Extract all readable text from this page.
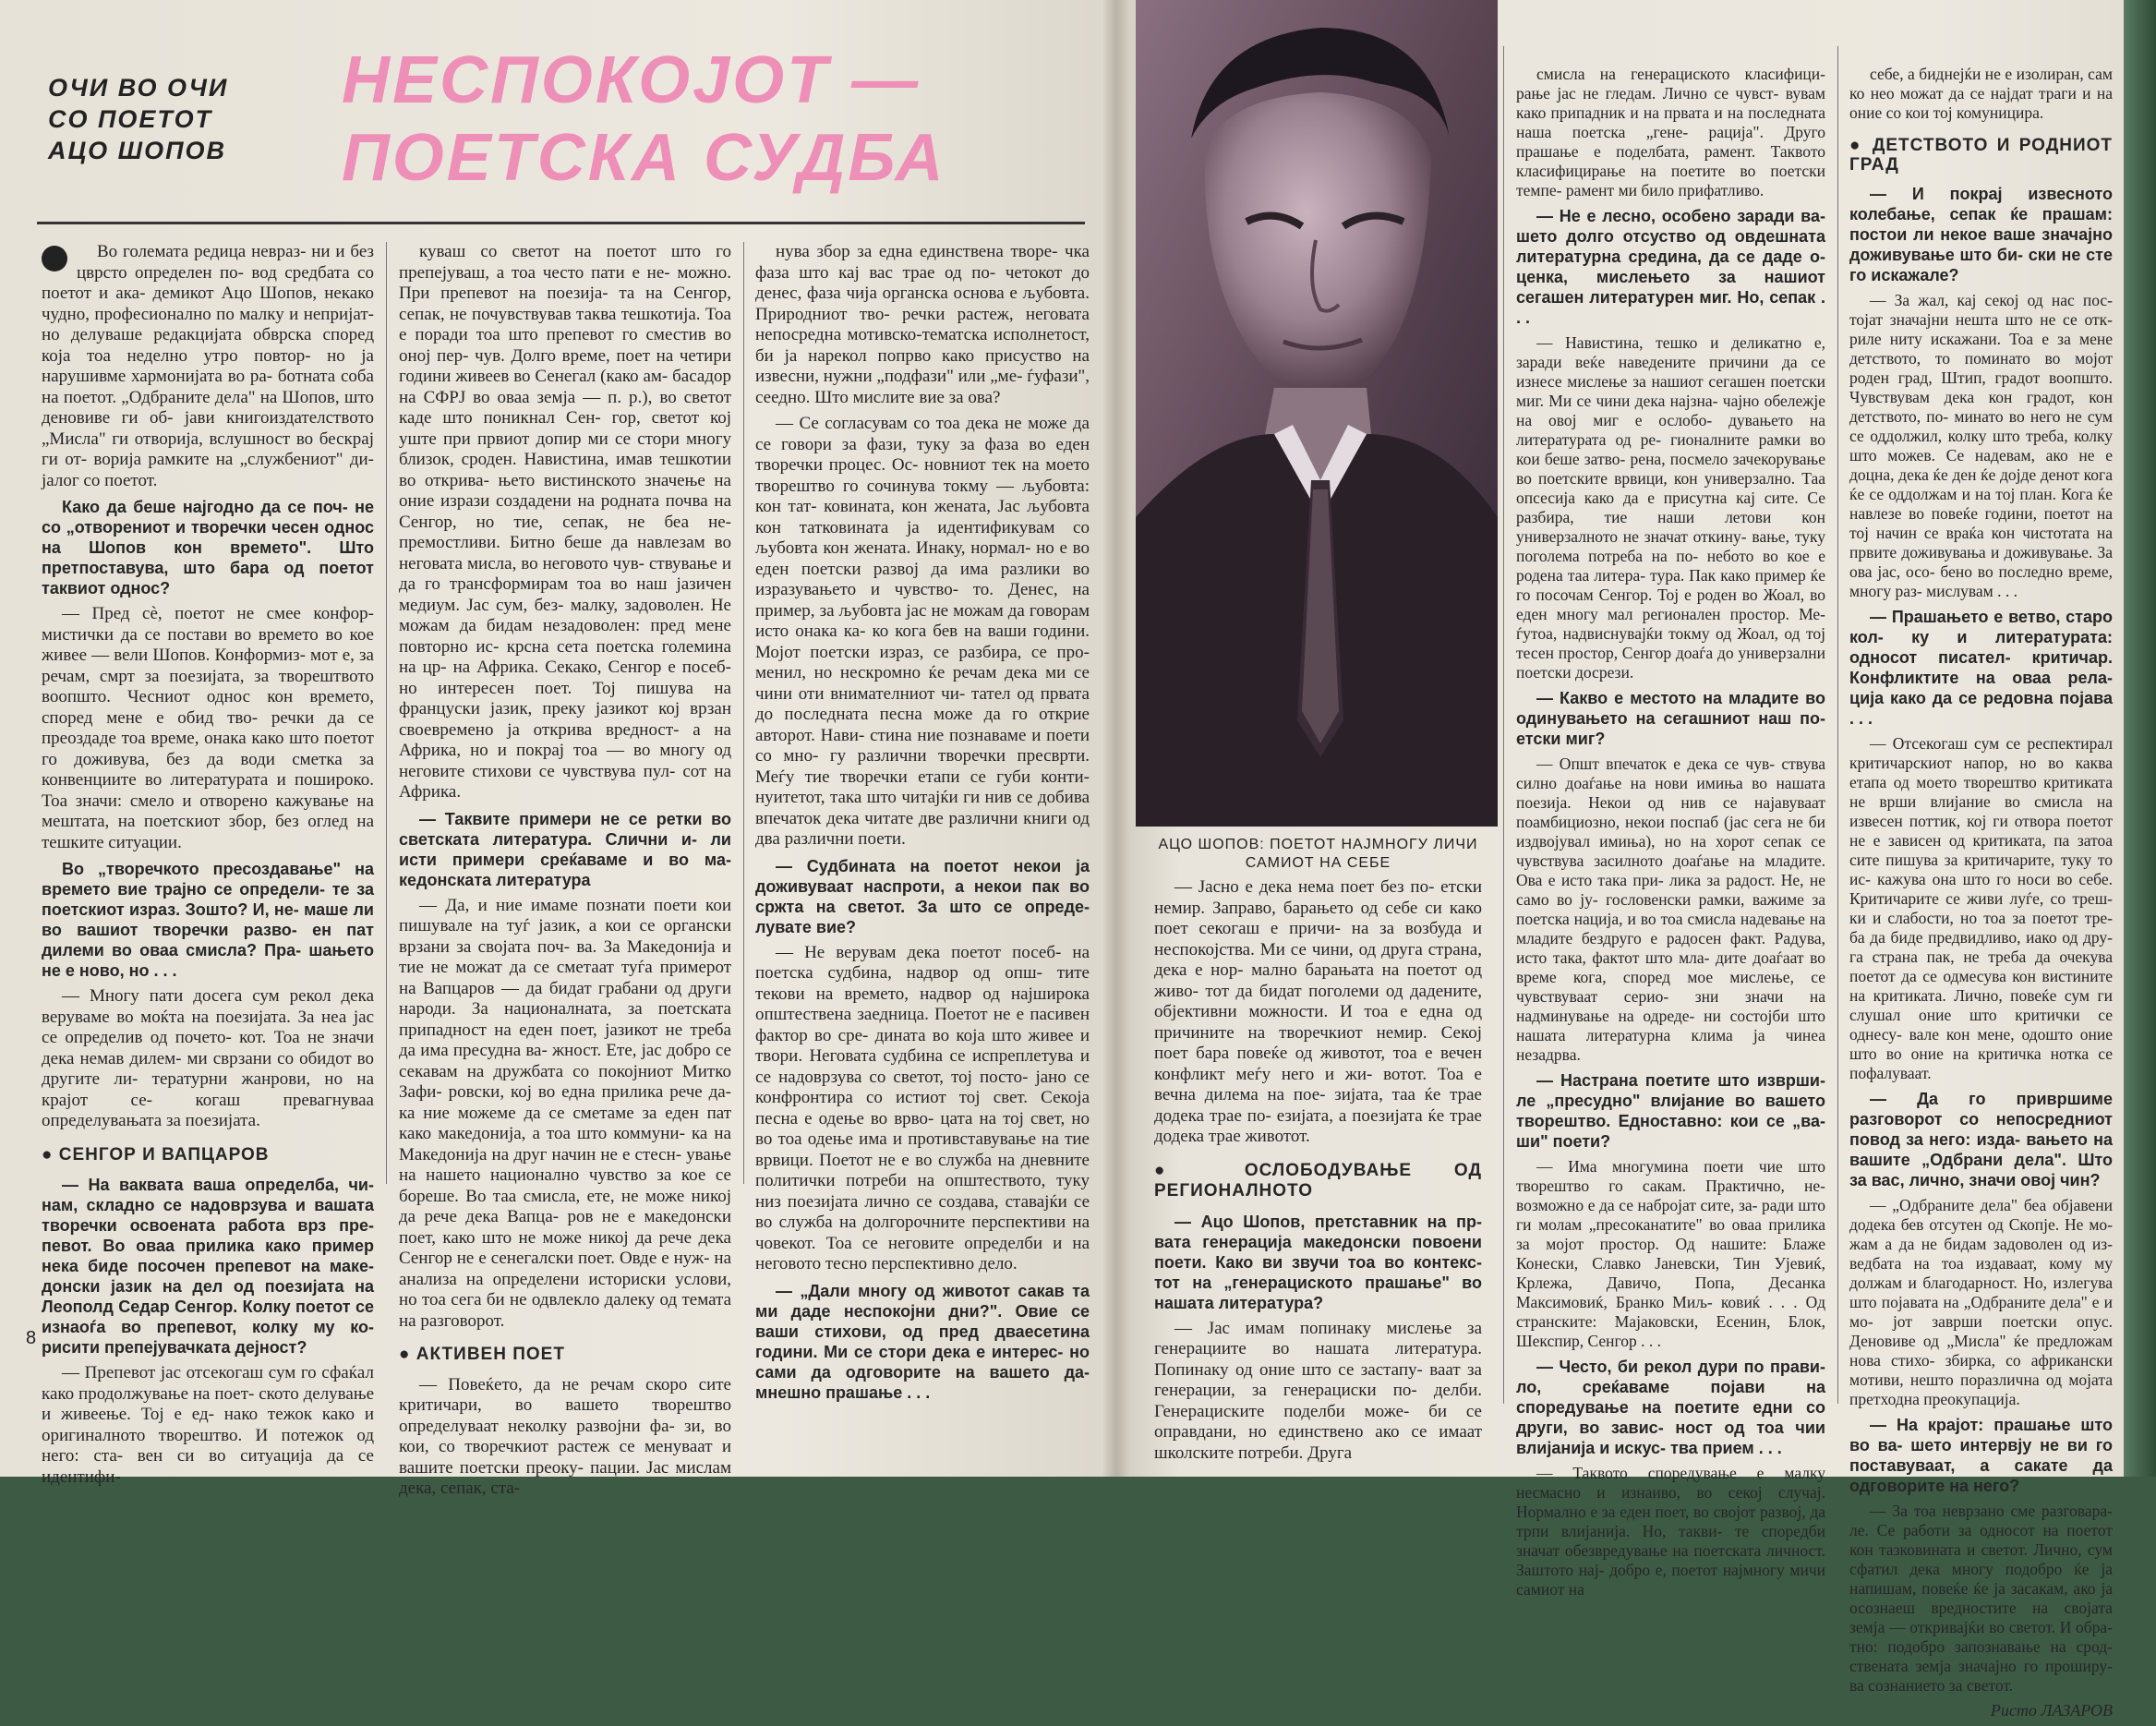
ОЧИ ВО ОЧИ
СО ПОЕТОТ
АЦО ШОПОВ
НЕСПОКОЈОТ —
ПОЕТСКА СУДБА

Во големата редица невраз- ни и без цврсто определен по- вод средбата со поетот и ака- демикот Ацо Шопов, некако чудно, професионално по малку и непријат- но делуваше редакцијата обврска според која тоа неделно утро повтор- но ја нарушивме хармонијата во ра- ботната соба на поетот. „Одбраните дела" на Шопов, што деновиве ги об- јави книгоиздателството „Мисла" ги отворија, вслушност во бескрај ги от- ворија рамките на „службениот" ди- јалог со поетот.

Како да беше најгодно да се поч- не со „отворениот и творечки чесен однос на Шопов кон времето". Што претпоставува, што бара од поетот таквиот однос?

— Пред сè, поетот не смее конфор- мистички да се постави во времето во кое живее — вели Шопов. Конформиз- мот е, за речам, смрт за поезијата, за творештвото воопшто. Чесниот однос кон времето, според мене е обид тво- речки да се преоздаде тоа време, онака како што поетот го доживува, без да води сметка за конвенциите во литературата и пошироко. Тоа значи: смело и отворено кажување на мештата, на поетскиот збор, без оглед на тешките ситуации.

Во „творечкото пресоздавање" на времето вие трајно се определи- те за поетскиот израз. Зошто? И, не- маше ли во вашиот творечки разво- ен пат дилеми во оваа смисла? Пра- шањето не е ново, но . . .

— Многу пати досега сум рекол дека веруваме во моќта на поезијата. За неа јас се определив од почето- кот. Тоа не значи дека немав дилем- ми сврзани со обидот во другите ли- тературни жанрови, но на крајот се- когаш превагнуваа определувањата за поезијата.

● СЕНГОР И ВАПЦАРОВ

— На ваквата ваша определба, чи- нам, складно се надоврзува и вашата творечки освоената работа врз пре- певот. Во оваа прилика како пример нека биде посочен препевот на маке- донски јазик на дел од поезијата на Леополд Седар Сенгор. Колку поетот се изнаоѓа во препевот, колку му ко- рисити препејувачката дејност?

— Препевот јас отсекогаш сум го сфаќал како продолжување на поет- ското делување и живеење. Тој е ед- нако тежок како и оригиналното творештво. И потежок од него: ста- вен си во ситуација да се идентифи-

куваш со светот на поетот што го препејуваш, а тоа често пати е не- можно. При препевот на поезија- та на Сенгор, сепак, не почувствував таква тешкотија. Тоа е поради тоа што препевот го сместив во оној пер- чув. Долго време, поет на четири години живеев во Сенегал (како ам- басадор на СФРЈ во оваа земја — п. р.), во светот каде што поникнал Сен- гор, светот кој уште при првиот допир ми се стори многу близок, сроден. Навистина, имав тешкотии во открива- њето вистинското значење на оние изрази создадени на родната почва на Сенгор, но тие, сепак, не беа не- премостливи. Битно беше да навлезам во неговата мисла, во неговото чув- ствување и да го трансформирам тоа во наш јазичен медиум. Јас сум, без- малку, задоволен. Не можам да бидам незадоволен: пред мене повторно ис- крсна сета поетска големина на цр- на Африка. Секако, Сенгор е посеб- но интересен поет. Тој пишува на француски јазик, преку јазикот кој врзан своевремено ја открива вредност- а на Африка, но и покрај тоа — во многу од неговите стихови се чувствува пул- сот на Африка.

— Таквите примери не се ретки во светската литература. Слични и- ли исти примери среќаваме и во ма- кедонската литература

— Да, и ние имаме познати поети кои пишувале на туѓ јазик, а кои се органски врзани за својата поч- ва. За Македонија и тие не можат да се сметаат туѓа примерот на Вапцаров — да бидат грабани од други народи. За националната, за поетската припадност на еден поет, јазикот не треба да има пресудна ва- жност. Ете, јас добро се секавам на дружбата со покојниот Митко Зафи- ровски, кој во една прилика рече да- ка ние можеме да се сметаме за еден пат како македонија, а тоа што коммуни- ка на Македонија на друг начин не е стесн- ување на нашето национално чувство за кое се бореше. Во таа смисла, ете, не може никој да рече дека Вапца- ров не е македонски поет, како што не може никој да рече дека Сенгор не е сенегалски поет. Овде е нуж- на анализа на определени историски услови, но тоа сега би не одвлекло далеку од темата на разговорот.

● АКТИВЕН ПОЕТ

— Повеќето, да не речам скоро сите критичари, во вашето творештво определуваат неколку развојни фа- зи, во кои, со творечкиот растеж се менуваат и вашите поетски преоку- пации. Јас мислам дека, сепак, ста-

нува збор за една единствена творе- чка фаза што кај вас трае од по- четокот до денес, фаза чија органска основа е љубовта. Природниот тво- речки растеж, неговата непосредна мотивско-тематска исполнетост, би ја нарекол попрво како присуство на извесни, нужни „подфази" или „ме- ѓуфази", сеедно. Што мислите вие за ова?

— Се согласувам со тоа дека не може да се говори за фази, туку за фаза во еден творечки процес. Ос- новниот тек на моето творештво го сочинува токму — љубовта: кон тат- ковината, кон жената, Јас љубовта кон татковината ја идентификувам со љубовта кон жената. Инаку, нормал- но е во еден поетски развој да има разлики во изразувањето и чувство- то. Денес, на пример, за љубовта јас не можам да говорам исто онака ка- ко кога бев на ваши години. Мојот поетски израз, се разбира, се про- менил, но нескромно ќе речам дека ми се чини оти внимателниот чи- тател од првата до последната песна може да го открие авторот. Нави- стина ние познаваме и поети со мно- гу различни творечки пресврти. Меѓу тие творечки етапи се губи конти- нуитетот, така што читајќи ги нив се добива впечаток дека читате две различни книги од два различни поети.

— Судбината на поетот некои ја доживуваат наспроти, а некои пак во сржта на светот. За што се опреде- лувате вие?

— Не верувам дека поетот посеб- на поетска судбина, надвор од опш- тите текови на времето, надвор од најширока општествена заедница. Поетот не е пасивен фактор во сре- дината во која што живее и твори. Неговата судбина се испреплетува и се надоврзува со светот, тој посто- јано се конфронтира со истиот тој свет. Секоја песна е одење во врво- цата на тој свет, но во тоа одење има и противставување на тие врвици. Поетот не е во служба на дневните политички потреби на општеството, туку низ поезијата лично се создава, ставајќи се во служба на долгорочните перспективи на човекот. Тоа се неговите определби и на неговото тесно перспективно дело.

— „Дали многу од животот сакав та ми даде неспокојни дни?". Овие се ваши стихови, од пред дваесетина години. Ми се стори дека е интерес- но сами да одговорите на вашето да- мнешно прашање . . .

АЦО ШОПОВ: ПОЕТОТ НАЈМНОГУ ЛИЧИ САМИОТ НА СЕБЕ

— Јасно е дека нема поет без по- етски немир. Заправо, барањето од себе си како поет секогаш е причи- на за возбуда и неспокојства. Ми се чини, од друга страна, дека е нор- мално барањата на поетот од живо- тот да бидат поголеми од дадените, објективни можности. И тоа е една од причините на творечкиот немир. Секој поет бара повеќе од животот, тоа е вечен конфликт меѓу него и жи- вотот. Тоа е вечна дилема на пое- зијата, таа ќе трае додека трае по- езијата, а поезијата ќе трае додека трае животот.

● ОСЛОБОДУВАЊЕ ОД РЕГИОНАЛНОТО

— Ацо Шопов, претставник на пр- вата генерација македонски повоени поети. Како ви звучи тоа во контекс- тот на „генерациското прашање" во нашата литература?

— Јас имам попинаку мислење за генерациите во нашата литература. Попинаку од оние што се застапу- ваат за генерации, за генерациски по- делби. Генерациските поделби може- би се оправдани, но единствено ако се имаат школските потреби. Друга

смисла на генерациското класифици- рање јас не гледам. Лично се чувст- вувам како припадник и на првата и на последната наша поетска „гене- рација". Друго прашање е поделбата, рамент. Таквото класифицирање на поетите во поетски темпе- рамент ми било прифатливо.

— Не е лесно, особено заради ва- шето долго отсуство од овдешната литературна средина, да се даде о- ценка, мислењето за нашиот сегашен литературен миг. Но, сепак . . .

— Навистина, тешко и деликатно е, заради веќе наведените причини да се изнесе мислење за нашиот сегашен поетски миг. Ми се чини дека најзна- чајно обележје на овој миг е ослобо- дувањето на литературата од ре- гионалните рамки во кои беше затво- рена, посмело зачекорување во поетските врвици, кон универзално. Таа опсесија како да е присутна кај сите. Се разбира, тие наши летови кон универзалното не значат откину- вање, туку поголема потреба на по- небото во кое е родена таа литера- тура. Пак како пример ќе го посочам Сенгор. Тој е роден во Жоал, во еден многу мал регионален простор. Ме- ѓутоа, надвиснувајќи токму од Жоал, од тој тесен простор, Сенгор доаѓа до универзални поетски досрези.

— Какво е местото на младите во одинувањето на сегашниот наш по- етски миг?

— Општ впечаток е дека се чув- ствува силно доаѓање на нови имиња во нашата поезија. Некои од нив се најавуваат поамбициозно, некои поспаб (јас сега не би издвојувал имиња), но на хорот сепак се чувствува засилното доаѓање на младите. Ова е исто така при- лика за радост. Не, не само во ју- гословенски рамки, важиме за поетска нација, и во тоа смисла надевање на младите бездруго е радосен факт. Радува, исто така, фактот што мла- дите доаѓаат во време кога, според мое мислење, се чувствуваат серио- зни значи на надминување на одреде- ни состојби што нашата литературна клима ја чинеа незадрва.

— Настрана поетите што изврши- ле „пресудно" влијание во вашето творештво. Едноставно: кои се „ва- ши" поети?

— Има многумина поети чие што творештво го сакам. Практично, не- возможно е да се набројат сите, за- ради што ги молам „пресоканатите" во оваа прилика за мојот простор. Од нашите: Блаже Конески, Славко Јаневски, Тин Ујевиќ, Крлежа, Давичо, Попа, Десанка Максимовиќ, Бранко Миљ- ковиќ . . . Од странските: Мајаковски, Есенин, Блок, Шекспир, Сенгор . . .

— Често, би рекол дури по прави- ло, среќаваме појави на споредување на поетите едни со други, во завис- ност од тоа чии влијанија и искус- тва прием . . .

— Таквото споредување е малку несмасно и изнаиво, во секој случај. Нормално е за еден поет, во својот развој, да трпи влијанија. Но, такви- те споредби значат обезвредување на поетската личност. Заштото нај- добро е, поетот најмногу мичи самиот на

себе, а биднејќи не е изолиран, сам ко нео можат да се најдат траги и на оние со кои тој комуницира.

● ДЕТСТВОТО И РОДНИОТ ГРАД

— И покрај извесното колебање, сепак ќе прашам: постои ли некое ваше значајно доживување што би- ски не сте го искажале?

— За жал, кај секој од нас пос- тојат значајни нешта што не се отк- риле ниту искажани. Тоа е за мене детството, то поминато во мојот роден град, Штип, градот воопшто. Чувствувам дека кон градот, кон детството, по- минато во него не сум се оддолжил, колку што треба, колку што можев. Се надевам, ако не е доцна, дека ќе ден ќе дојде денот кога ќе се оддолжам и на тој план. Кога ќе навлезе во повеќе години, поетот на тој начин се враќа кон чистотата на првите доживувања и доживување. За ова јас, осо- бено во последно време, многу раз- мислувам . . .

— Прашањето е ветво, старо кол- ку и литературата: односот писател- критичар. Конфликтите на оваа рела- ција како да се редовна појава . . .

— Отсекогаш сум се респектирал критичарскиот напор, но во каква етапа од моето творештво критиката не врши влијание во смисла на извесен поттик, кој ги отвора поетот не е зависен од критиката, па затоа сите пишува за критичарите, туку то ис- кажува она што го носи во себе. Критичарите се живи луѓе, со треш- ки и слабости, но тоа за поетот тре- ба да биде предвидливо, иако од дру- га страна пак, не треба да очекува поетот да се одмесува кон вистините на критиката. Лично, повеќе сум ги слушал оние што критички се однесу- вале кон мене, одошто оние што во оние на критичка нотка се пофалуваат.

— Да го привршиме разговорот со непосредниот повод за него: изда- вањето на вашите „Одбрани дела". Што за вас, лично, значи овој чин?

— „Одбраните дела" беа објавени додека бев отсутен од Скопје. Не мо- жам а да не бидам задоволен од из- ведбата на тоа издаваат, кому му должам и благодарност. Но, излегува што појавата на „Одбраните дела" е и мо- јот заврши поетски опус. Деновиве од „Мисла" ќе предложам нова стихо- збирка, со африкански мотиви, нешто поразлична од мојата претходна преокупација.

— На крајот: прашање што во ва- шето интервју не ви го поставуваат, а сакате да одговорите на него?

— За тоа неврзано сме разговара- ле. Се работи за односот на поетот кон тазковината и светот. Лично, сум сфатил дека многу подобро ќе ја напишам, повеќе ќе ја засакам, ако ја осознаеш вредностите на својата земја — откривајќи во светот. И обра- тно: подобро запознавање на срод- ствената земја значајно го проширу- ва сознанието за светот.

Ристо ЛАЗАРОВ

8
